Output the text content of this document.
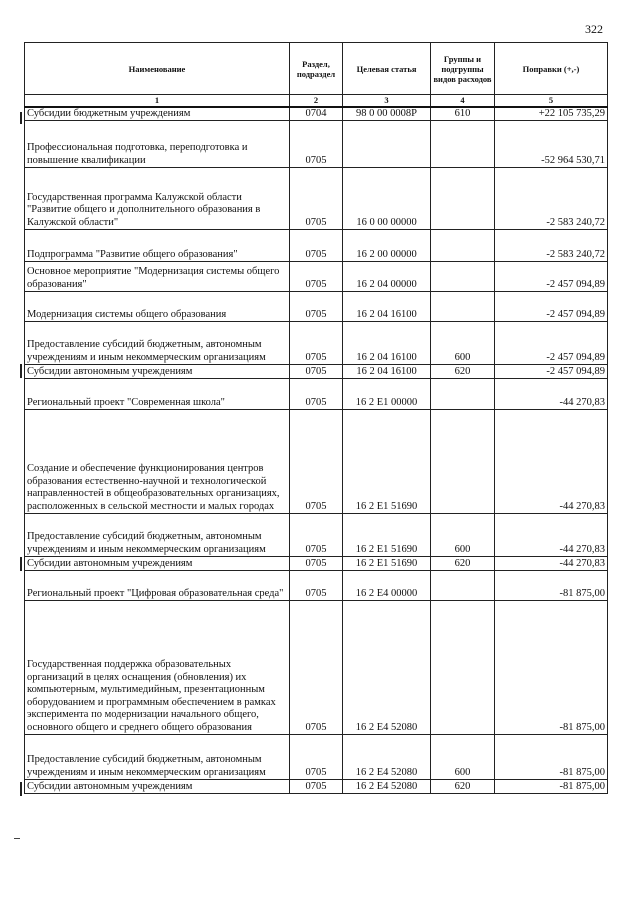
322
Наименование	Раздел, подраздел	Целевая статья	Группы и подгруппы видов расходов	Поправки (+,-)
1	2	3	4	5
Субсидии бюджетным учреждениям	0704	98 0 00 0008Р	610	+22 105 735,29
Профессиональная подготовка, переподготовка и повышение квалификации	0705			-52 964 530,71
Государственная программа Калужской области "Развитие общего и дополнительного образования в Калужской области"	0705	16 0 00 00000		-2 583 240,72
Подпрограмма "Развитие общего образования"	0705	16 2 00 00000		-2 583 240,72
Основное мероприятие "Модернизация системы общего образования"	0705	16 2 04 00000		-2 457 094,89
Модернизация системы общего образования	0705	16 2 04 16100		-2 457 094,89
Предоставление субсидий бюджетным, автономным учреждениям и иным некоммерческим организациям	0705	16 2 04 16100	600	-2 457 094,89
Субсидии автономным учреждениям	0705	16 2 04 16100	620	-2 457 094,89
Региональный проект "Современная школа"	0705	16 2 Е1 00000		-44 270,83
Создание и обеспечение функционирования центров образования естественно-научной и технологической направленностей в общеобразовательных организациях, расположенных в сельской местности и малых городах	0705	16 2 Е1 51690		-44 270,83
Предоставление субсидий бюджетным, автономным учреждениям и иным некоммерческим организациям	0705	16 2 Е1 51690	600	-44 270,83
Субсидии автономным учреждениям	0705	16 2 Е1 51690	620	-44 270,83
Региональный проект "Цифровая образовательная среда"	0705	16 2 Е4 00000		-81 875,00
Государственная поддержка образовательных организаций в целях оснащения (обновления) их компьютерным, мультимедийным, презентационным оборудованием и программным обеспечением в рамках эксперимента по модернизации начального общего, основного общего и среднего общего образования	0705	16 2 Е4 52080		-81 875,00
Предоставление субсидий бюджетным, автономным учреждениям и иным некоммерческим организациям	0705	16 2 Е4 52080	600	-81 875,00
Субсидии автономным учреждениям	0705	16 2 Е4 52080	620	-81 875,00
